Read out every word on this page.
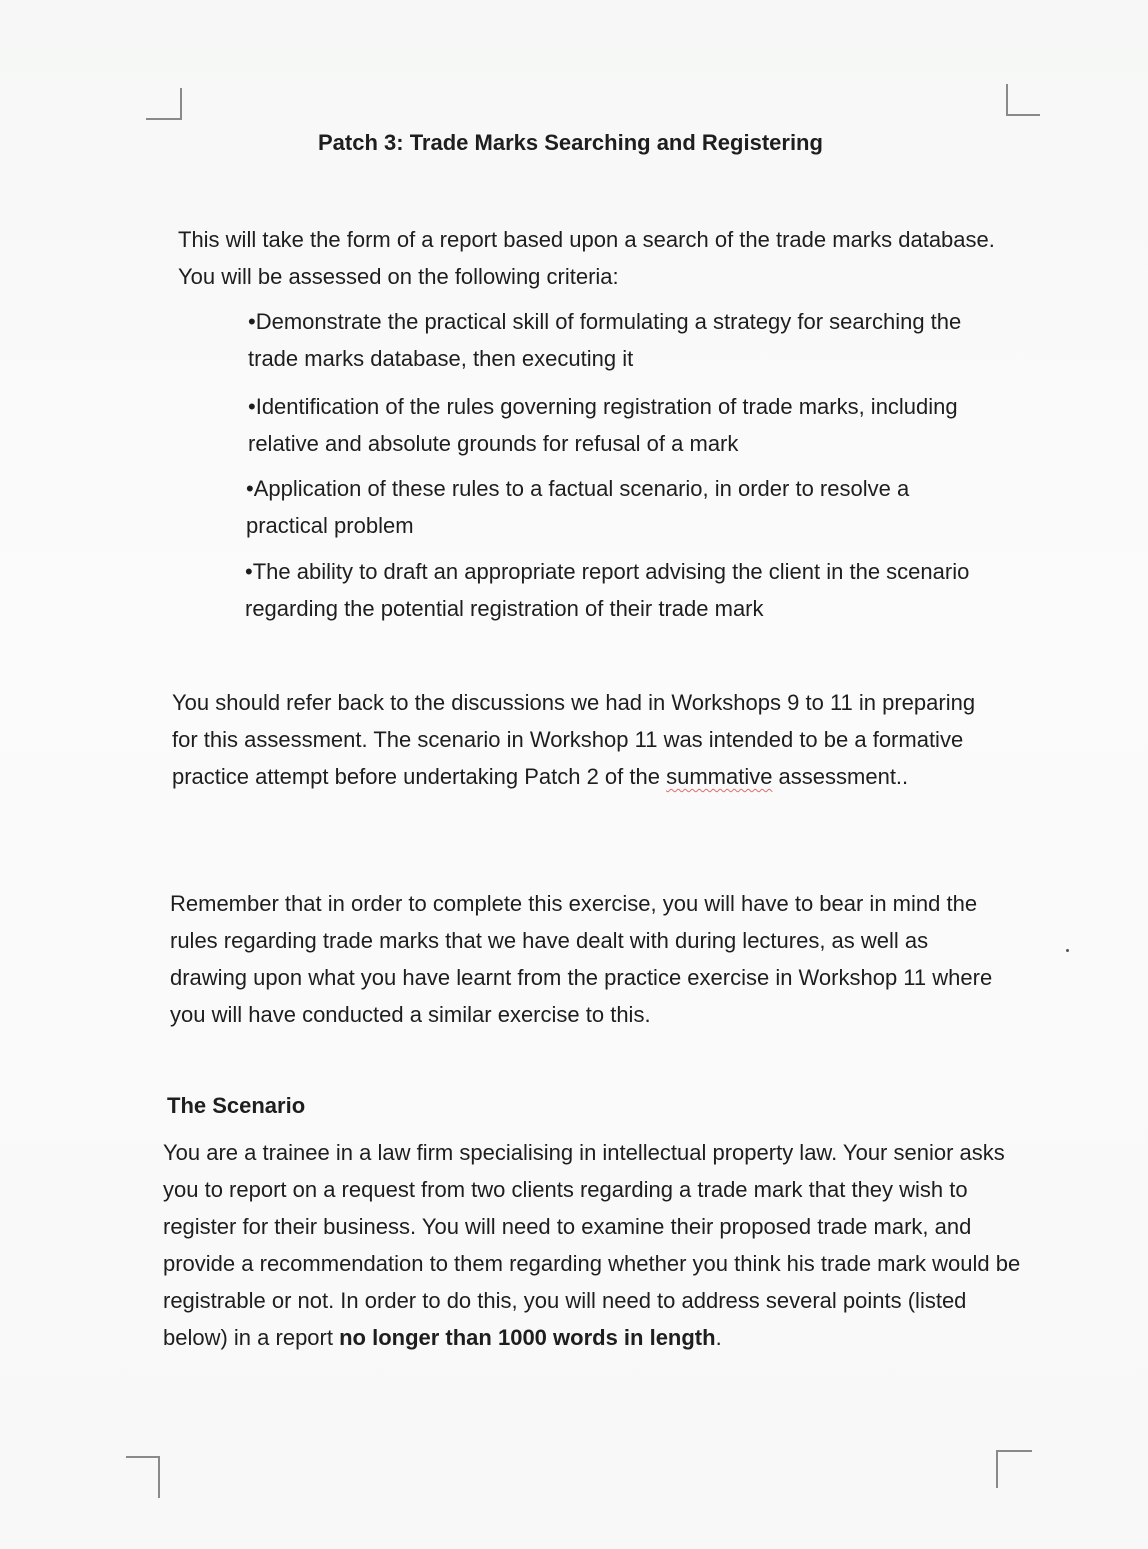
Patch 3: Trade Marks Searching and Registering
This will take the form of a report based upon a search of the trade marks database. You will be assessed on the following criteria:
•Demonstrate the practical skill of formulating a strategy for searching the trade marks database, then executing it
•Identification of the rules governing registration of trade marks, including relative and absolute grounds for refusal of a mark
•Application of these rules to a factual scenario, in order to resolve a practical problem
•The ability to draft an appropriate report advising the client in the scenario regarding the potential registration of their trade mark
You should refer back to the discussions we had in Workshops 9 to 11 in preparing for this assessment. The scenario in Workshop 11 was intended to be a formative practice attempt before undertaking Patch 2 of the summative assessment..
Remember that in order to complete this exercise, you will have to bear in mind the rules regarding trade marks that we have dealt with during lectures, as well as drawing upon what you have learnt from the practice exercise in Workshop 11 where you will have conducted a similar exercise to this.
The Scenario
You are a trainee in a law firm specialising in intellectual property law. Your senior asks you to report on a request from two clients regarding a trade mark that they wish to register for their business. You will need to examine their proposed trade mark, and provide a recommendation to them regarding whether you think his trade mark would be registrable or not. In order to do this, you will need to address several points (listed below) in a report no longer than 1000 words in length.
